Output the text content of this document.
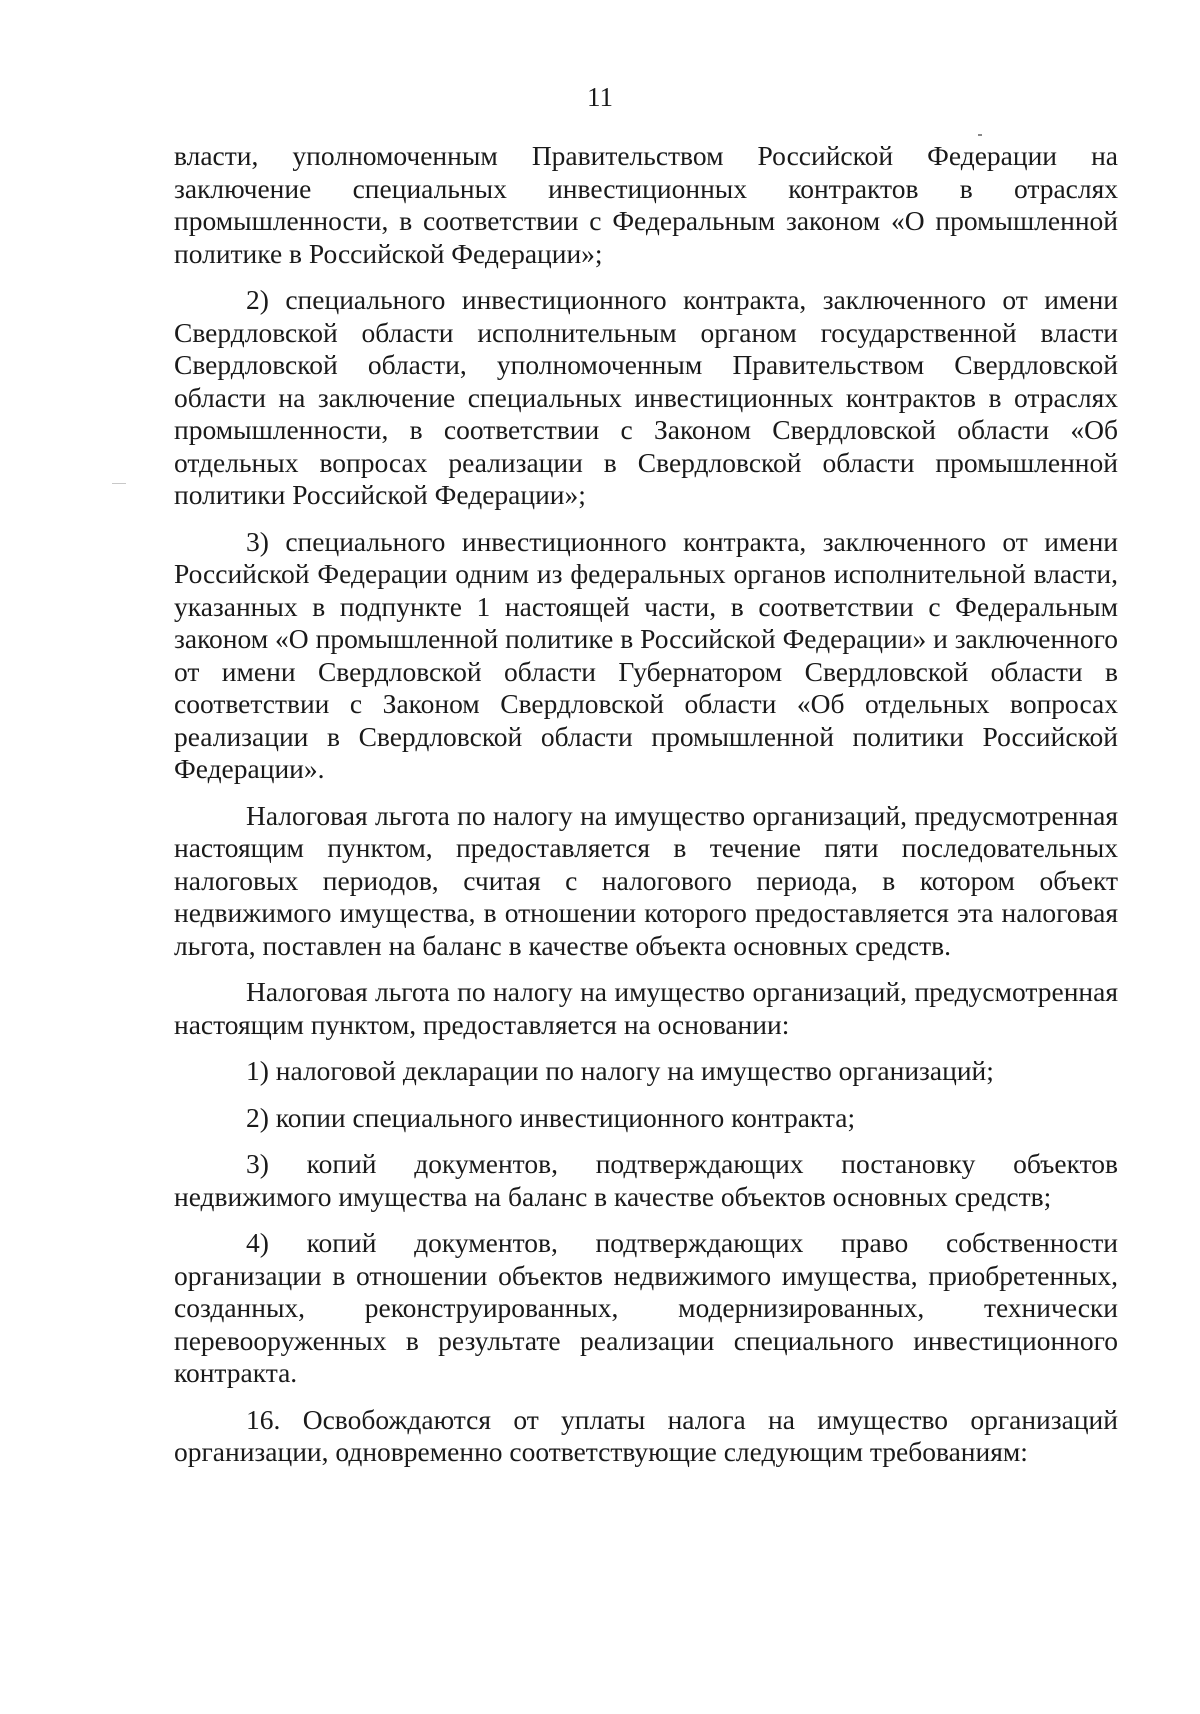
11

власти, уполномоченным Правительством Российской Федерации на заключение специальных инвестиционных контрактов в отраслях промышленности, в соответствии с Федеральным законом «О промышленной политике в Российской Федерации»;

2) специального инвестиционного контракта, заключенного от имени Свердловской области исполнительным органом государственной власти Свердловской области, уполномоченным Правительством Свердловской области на заключение специальных инвестиционных контрактов в отраслях промышленности, в соответствии с Законом Свердловской области «Об отдельных вопросах реализации в Свердловской области промышленной политики Российской Федерации»;

3) специального инвестиционного контракта, заключенного от имени Российской Федерации одним из федеральных органов исполнительной власти, указанных в подпункте 1 настоящей части, в соответствии с Федеральным законом «О промышленной политике в Российской Федерации» и заключенного от имени Свердловской области Губернатором Свердловской области в соответствии с Законом Свердловской области «Об отдельных вопросах реализации в Свердловской области промышленной политики Российской Федерации».

Налоговая льгота по налогу на имущество организаций, предусмотренная настоящим пунктом, предоставляется в течение пяти последовательных налоговых периодов, считая с налогового периода, в котором объект недвижимого имущества, в отношении которого предоставляется эта налоговая льгота, поставлен на баланс в качестве объекта основных средств.

Налоговая льгота по налогу на имущество организаций, предусмотренная настоящим пунктом, предоставляется на основании:

1) налоговой декларации по налогу на имущество организаций;

2) копии специального инвестиционного контракта;

3) копий документов, подтверждающих постановку объектов недвижимого имущества на баланс в качестве объектов основных средств;

4) копий документов, подтверждающих право собственности организации в отношении объектов недвижимого имущества, приобретенных, созданных, реконструированных, модернизированных, технически перевооруженных в результате реализации специального инвестиционного контракта.

16. Освобождаются от уплаты налога на имущество организаций организации, одновременно соответствующие следующим требованиям:
